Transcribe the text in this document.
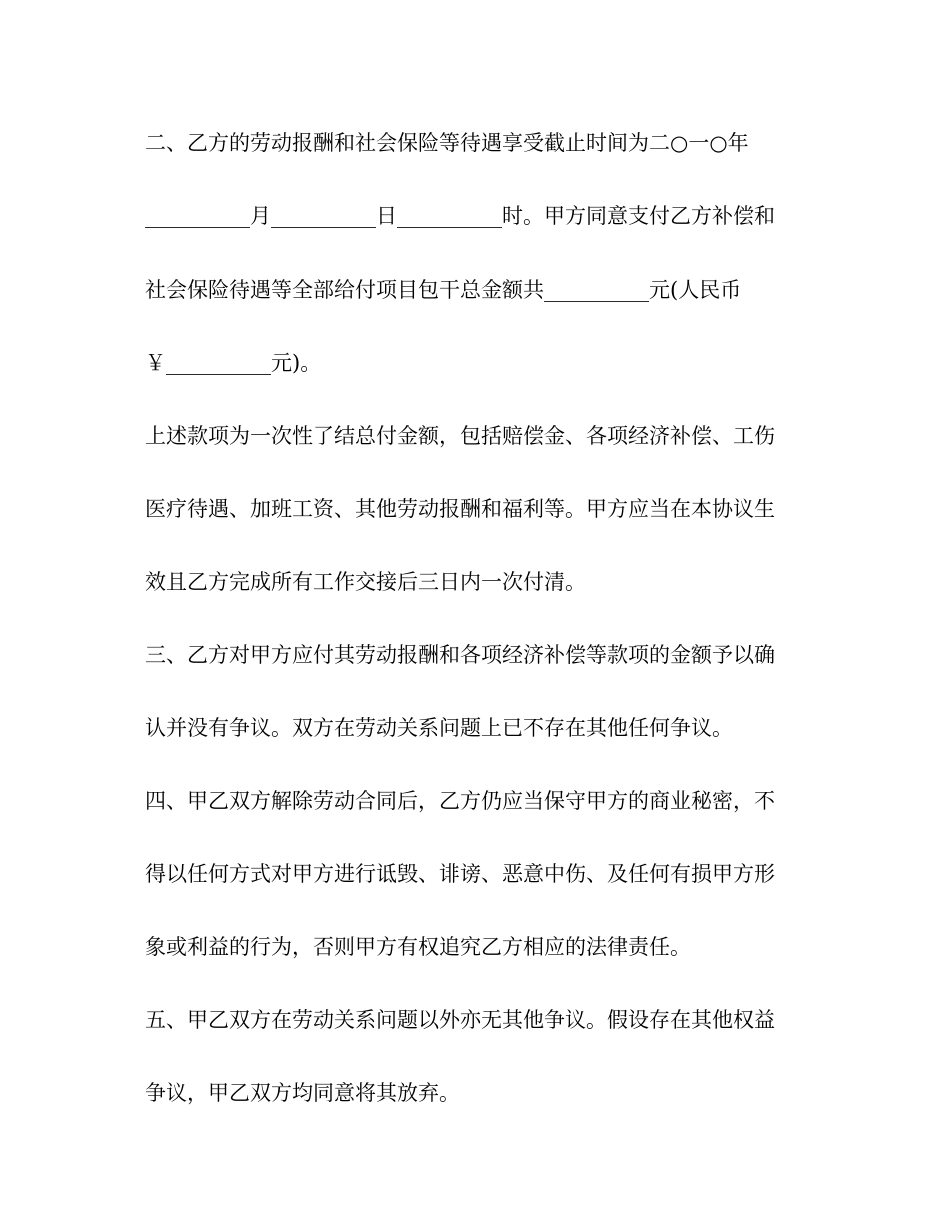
二、乙方的劳动报酬和社会保险等待遇享受截止时间为二○一○年
__________月__________日__________时。甲方同意支付乙方补偿和
社会保险待遇等全部给付项目包干总金额共__________元(人民币
￥__________元)。
上述款项为一次性了结总付金额，包括赔偿金、各项经济补偿、工伤
医疗待遇、加班工资、其他劳动报酬和福利等。甲方应当在本协议生
效且乙方完成所有工作交接后三日内一次付清。
三、乙方对甲方应付其劳动报酬和各项经济补偿等款项的金额予以确
认并没有争议。双方在劳动关系问题上已不存在其他任何争议。
四、甲乙双方解除劳动合同后，乙方仍应当保守甲方的商业秘密，不
得以任何方式对甲方进行诋毁、诽谤、恶意中伤、及任何有损甲方形
象或利益的行为，否则甲方有权追究乙方相应的法律责任。
五、甲乙双方在劳动关系问题以外亦无其他争议。假设存在其他权益
争议，甲乙双方均同意将其放弃。
